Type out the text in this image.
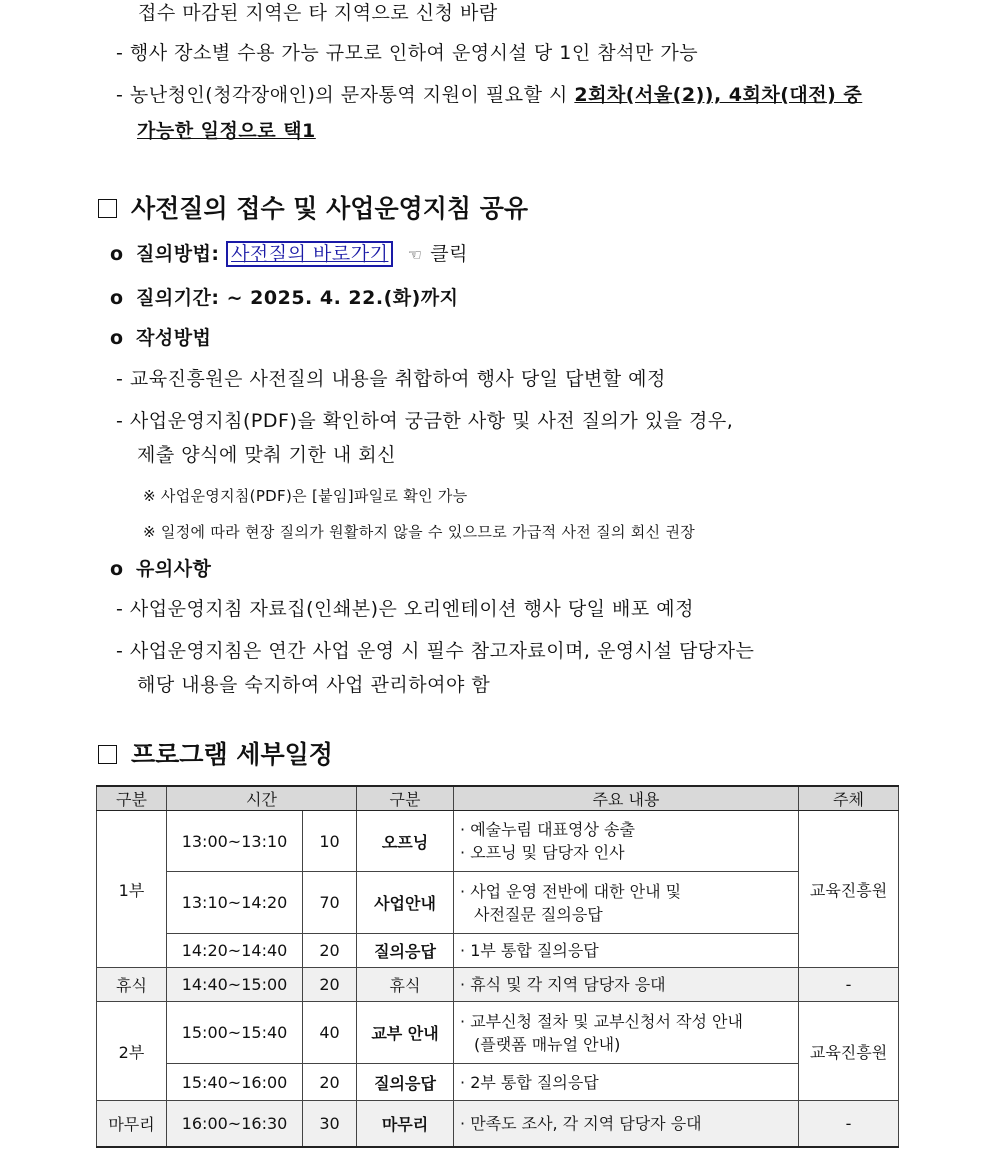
접수 마감된 지역은 타 지역으로 신청 바람
- 행사 장소별 수용 가능 규모로 인하여 운영시설 당 1인 참석만 가능
- 농난청인(청각장애인)의 문자통역 지원이 필요할 시 2회차(서울(2)), 4회차(대전) 중
가능한 일정으로 택1
사전질의 접수 및 사업운영지침 공유
o 질의방법: 사전질의 바로가기 ☜ 클릭
o 질의기간: ~ 2025. 4. 22.(화)까지
o 작성방법
- 교육진흥원은 사전질의 내용을 취합하여 행사 당일 답변할 예정
- 사업운영지침(PDF)을 확인하여 궁금한 사항 및 사전 질의가 있을 경우,
제출 양식에 맞춰 기한 내 회신
※ 사업운영지침(PDF)은 [붙임]파일로 확인 가능
※ 일정에 따라 현장 질의가 원활하지 않을 수 있으므로 가급적 사전 질의 회신 권장
o 유의사항
- 사업운영지침 자료집(인쇄본)은 오리엔테이션 행사 당일 배포 예정
- 사업운영지침은 연간 사업 운영 시 필수 참고자료이며, 운영시설 담당자는
해당 내용을 숙지하여 사업 관리하여야 함
프로그램 세부일정
구분	시간		구분	주요 내용	주체
1부	13:00~13:10	10	오프닝	· 예술누림 대표영상 송출
· 오프닝 및 담당자 인사	교육진흥원
	13:10~14:20	70	사업안내	· 사업 운영 전반에 대한 안내 및
사전질문 질의응답	

	14:20~14:40	20	질의응답	· 1부 통합 질의응답	
휴식	14:40~15:00	20	휴식	· 휴식 및 각 지역 담당자 응대	-
2부	15:00~15:40	40	교부 안내	· 교부신청 절차 및 교부신청서 작성 안내
(플랫폼 매뉴얼 안내)	교육진흥원
	15:40~16:00	20	질의응답	· 2부 통합 질의응답	
마무리	16:00~16:30	30	마무리	· 만족도 조사, 각 지역 담당자 응대	-
